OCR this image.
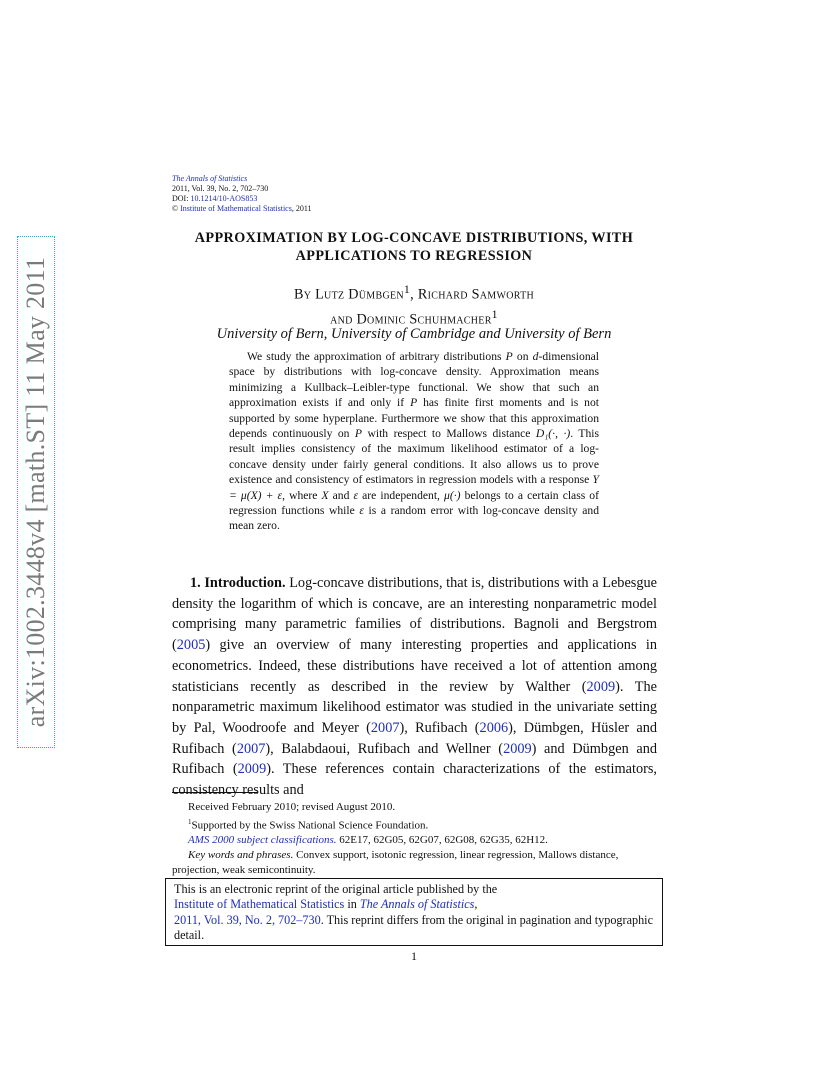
arXiv:1002.3448v4 [math.ST] 11 May 2011
The Annals of Statistics
2011, Vol. 39, No. 2, 702–730
DOI: 10.1214/10-AOS853
© Institute of Mathematical Statistics, 2011
APPROXIMATION BY LOG-CONCAVE DISTRIBUTIONS, WITH
APPLICATIONS TO REGRESSION
By Lutz Dümbgen$^1$, Richard Samworth
and Dominic Schuhmacher$^1$
University of Bern, University of Cambridge and University of Bern

We study the approximation of arbitrary distributions P on d-dimensional space by distributions with log-concave density. Approximation means minimizing a Kullback–Leibler-type functional. We show that such an approximation exists if and only if P has finite first moments and is not supported by some hyperplane. Furthermore we show that this approximation depends continuously on P with respect to Mallows distance D₁(·, ·). This result implies consistency of the maximum likelihood estimator of a log-concave density under fairly general conditions. It also allows us to prove existence and consistency of estimators in regression models with a response Y = μ(X) + ε, where X and ε are independent, μ(·) belongs to a certain class of regression functions while ε is a random error with log-concave density and mean zero.

1. Introduction. Log-concave distributions, that is, distributions with a Lebesgue density the logarithm of which is concave, are an interesting nonparametric model comprising many parametric families of distributions. Bagnoli and Bergstrom (2005) give an overview of many interesting properties and applications in econometrics. Indeed, these distributions have received a lot of attention among statisticians recently as described in the review by Walther (2009). The nonparametric maximum likelihood estimator was studied in the univariate setting by Pal, Woodroofe and Meyer (2007), Rufibach (2006), Dümbgen, Hüsler and Rufibach (2007), Balabdaoui, Rufibach and Wellner (2009) and Dümbgen and Rufibach (2009). These references contain characterizations of the estimators, consistency results and

Received February 2010; revised August 2010.

$^1$Supported by the Swiss National Science Foundation.

AMS 2000 subject classifications. 62E17, 62G05, 62G07, 62G08, 62G35, 62H12.

Key words and phrases. Convex support, isotonic regression, linear regression, Mallows distance, projection, weak semicontinuity.

This is an electronic reprint of the original article published by the
Institute of Mathematical Statistics in The Annals of Statistics,
2011, Vol. 39, No. 2, 702–730. This reprint differs from the original in pagination and typographic detail.
1
